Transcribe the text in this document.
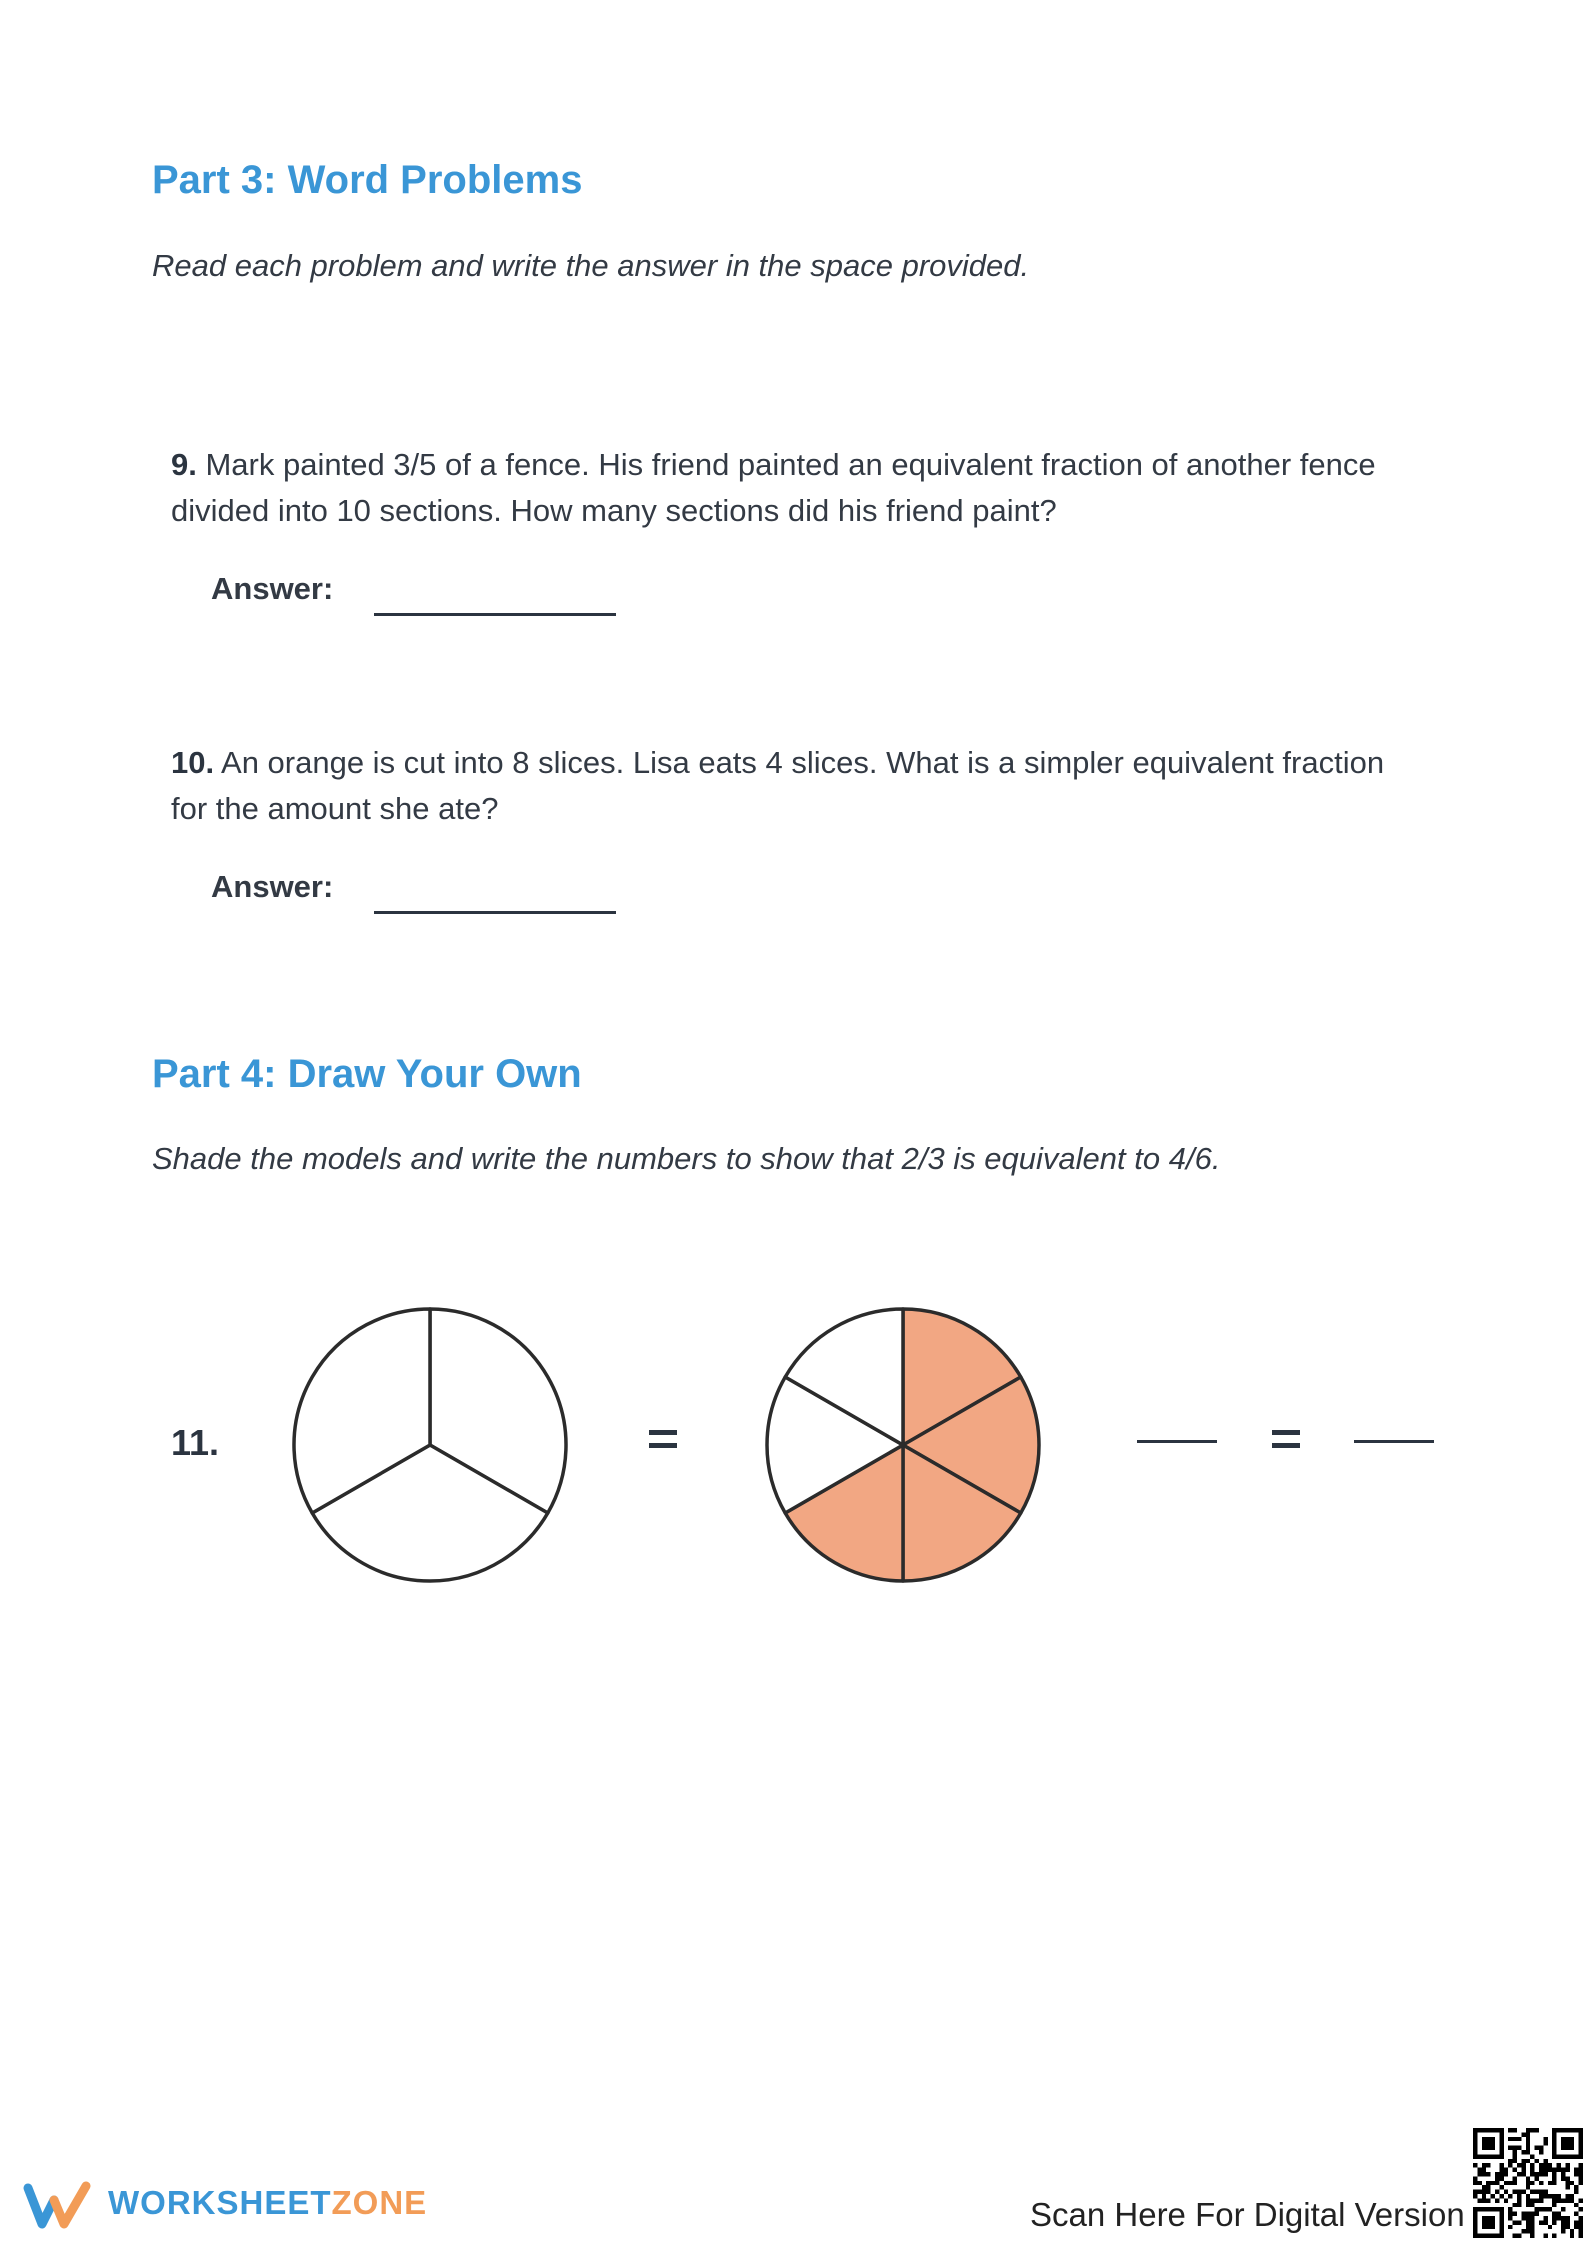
Part 3: Word Problems
Read each problem and write the answer in the space provided.
9. Mark painted 3/5 of a fence. His friend painted an equivalent fraction of another fence divided into 10 sections. How many sections did his friend paint?
Answer:
10. An orange is cut into 8 slices. Lisa eats 4 slices. What is a simpler equivalent fraction for the amount she ate?
Answer:
Part 4: Draw Your Own
Shade the models and write the numbers to show that 2/3 is equivalent to 4/6.
11.
WORKSHEETZONE	Scan Here For Digital Version
